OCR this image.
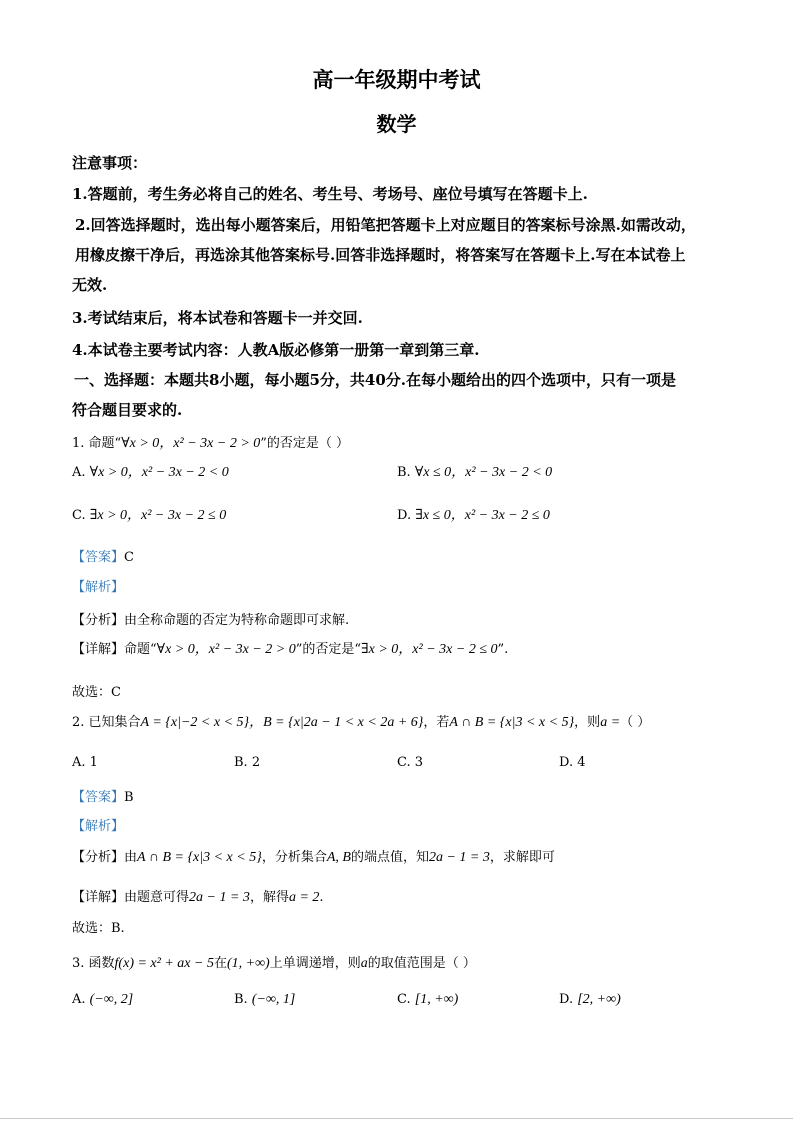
高一年级期中考试
数学
注意事项：
1.答题前，考生务必将自己的姓名、考生号、考场号、座位号填写在答题卡上.
2.回答选择题时，选出每小题答案后，用铅笔把答题卡上对应题目的答案标号涂黑.如需改动，
用橡皮擦干净后，再选涂其他答案标号.回答非选择题时，将答案写在答题卡上.写在本试卷上
无效.
3.考试结束后，将本试卷和答题卡一并交回.
4.本试卷主要考试内容：人教A版必修第一册第一章到第三章.
一、选择题：本题共8小题，每小题5分，共40分.在每小题给出的四个选项中，只有一项是
符合题目要求的.
1. 命题“∀x > 0，x² − 3x − 2 > 0”的否定是（ ）
A. ∀x > 0，x² − 3x − 2 < 0	B. ∀x ≤ 0，x² − 3x − 2 < 0
C. ∃x > 0，x² − 3x − 2 ≤ 0	D. ∃x ≤ 0，x² − 3x − 2 ≤ 0
【答案】C
【解析】
【分析】由全称命题的否定为特称命题即可求解.
【详解】命题“∀x > 0，x² − 3x − 2 > 0”的否定是“∃x > 0，x² − 3x − 2 ≤ 0”.
故选：C
2. 已知集合A = {x|−2 < x < 5}，B = {x|2a − 1 < x < 2a + 6}，若A ∩ B = {x|3 < x < 5}，则a =（ ）
A. 1	B. 2	C. 3	D. 4
【答案】B
【解析】
【分析】由A ∩ B = {x|3 < x < 5}，分析集合A, B的端点值，知2a − 1 = 3，求解即可
【详解】由题意可得2a − 1 = 3，解得a = 2.
故选：B.
3. 函数f(x) = x² + ax − 5在(1, +∞)上单调递增，则a的取值范围是（ ）
A. (−∞, 2]	B. (−∞, 1]	C. [1, +∞)	D. [2, +∞)
